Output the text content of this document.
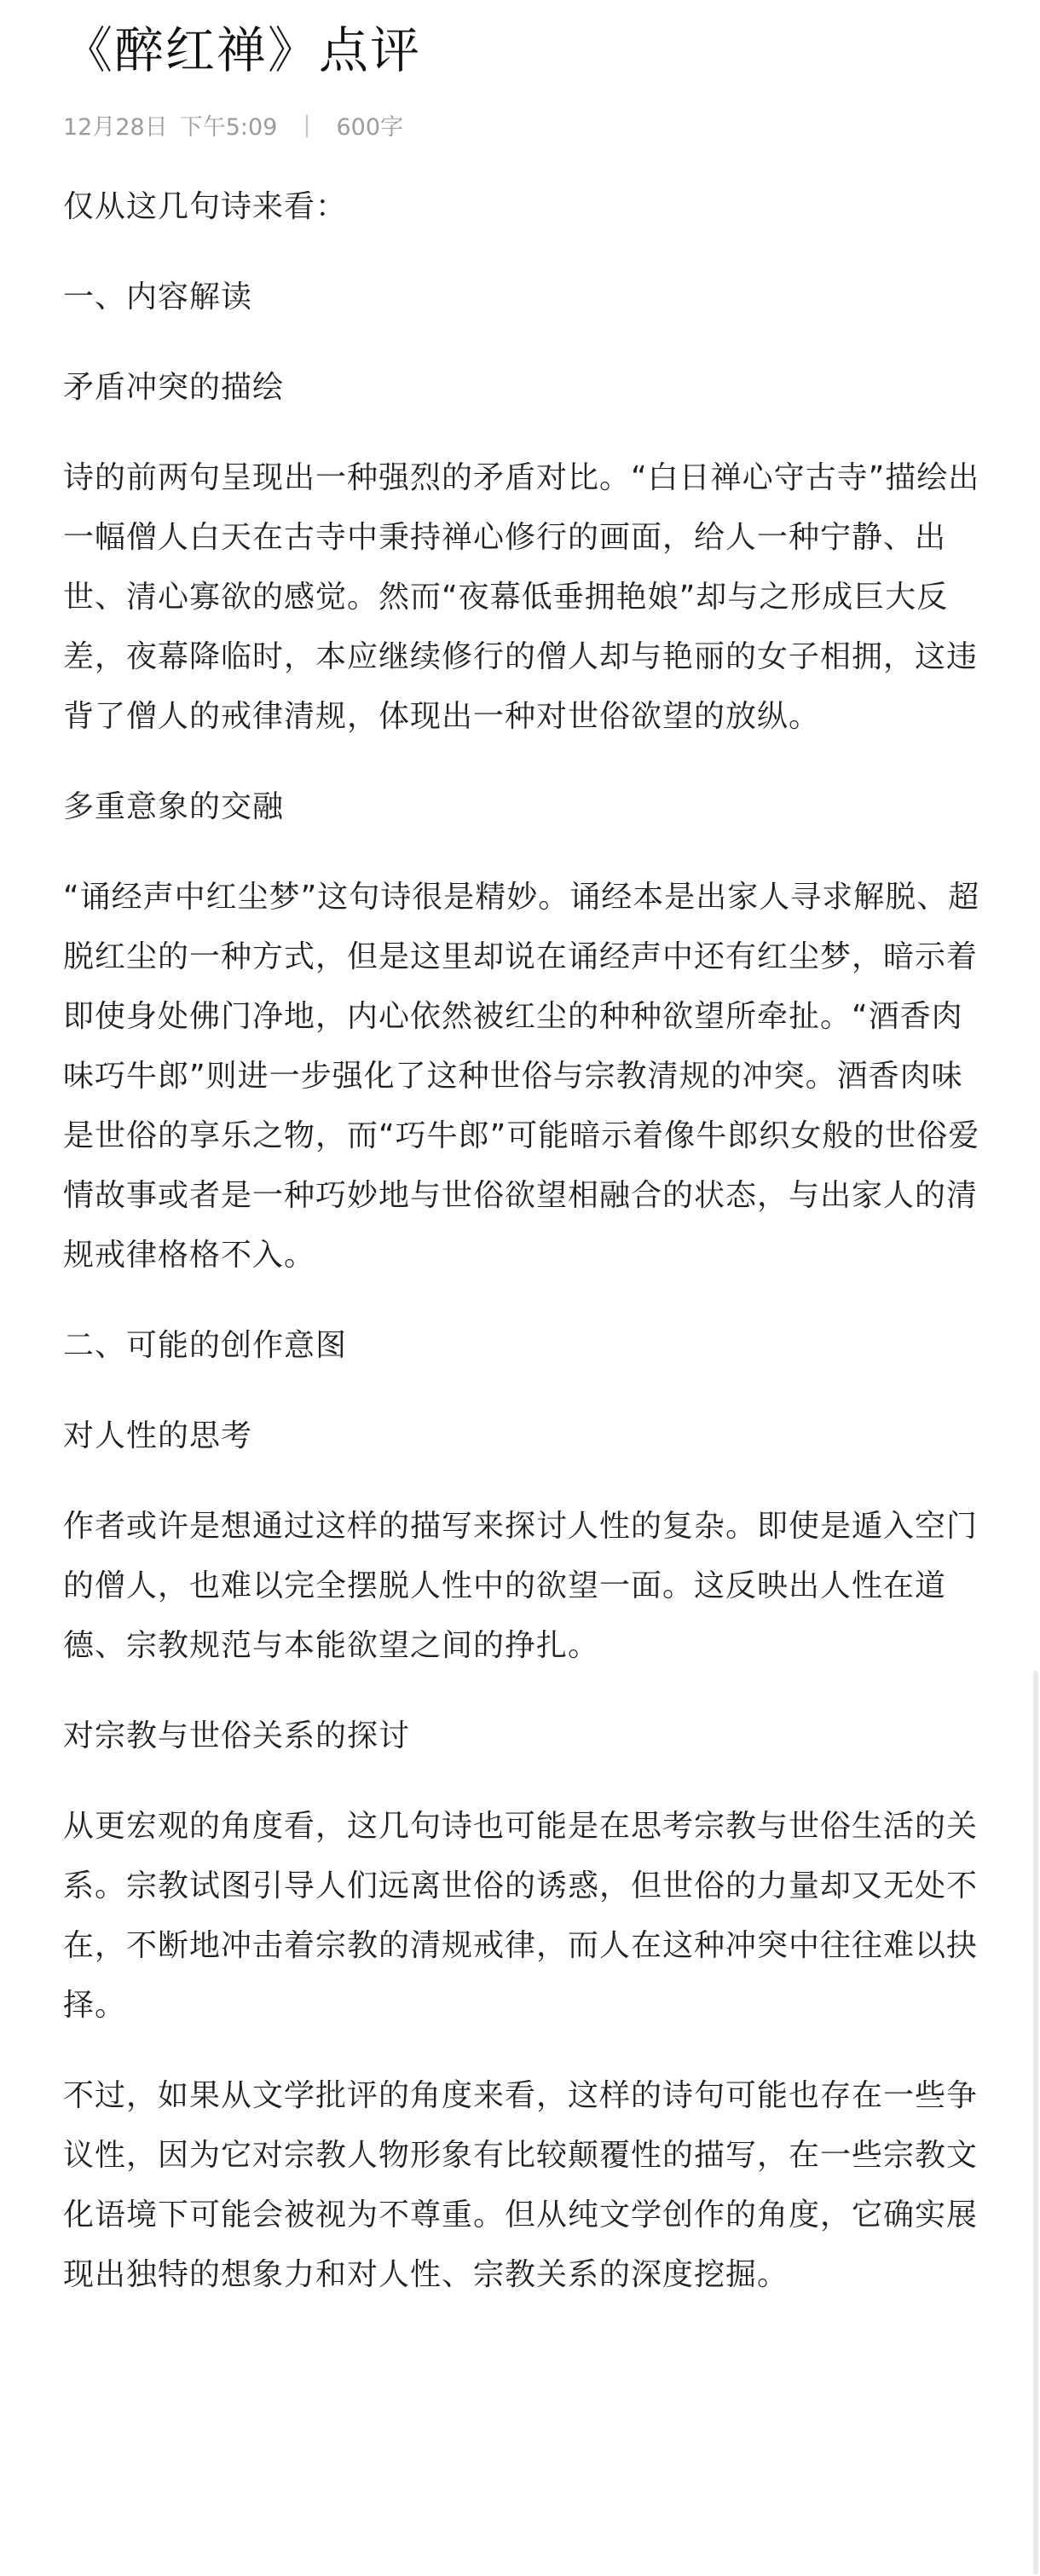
《醉红禅》点评
12月28日 下午5:09 | 600字

仅从这几句诗来看：

一、内容解读

矛盾冲突的描绘

诗的前两句呈现出一种强烈的矛盾对比。“白日禅心守古寺”描绘出一幅僧人白天在古寺中秉持禅心修行的画面，给人一种宁静、出世、清心寡欲的感觉。然而“夜幕低垂拥艳娘”却与之形成巨大反差，夜幕降临时，本应继续修行的僧人却与艳丽的女子相拥，这违背了僧人的戒律清规，体现出一种对世俗欲望的放纵。

多重意象的交融

“诵经声中红尘梦”这句诗很是精妙。诵经本是出家人寻求解脱、超脱红尘的一种方式，但是这里却说在诵经声中还有红尘梦，暗示着即使身处佛门净地，内心依然被红尘的种种欲望所牵扯。“酒香肉味巧牛郎”则进一步强化了这种世俗与宗教清规的冲突。酒香肉味是世俗的享乐之物，而“巧牛郎”可能暗示着像牛郎织女般的世俗爱情故事或者是一种巧妙地与世俗欲望相融合的状态，与出家人的清规戒律格格不入。

二、可能的创作意图

对人性的思考

作者或许是想通过这样的描写来探讨人性的复杂。即使是遁入空门的僧人，也难以完全摆脱人性中的欲望一面。这反映出人性在道德、宗教规范与本能欲望之间的挣扎。

对宗教与世俗关系的探讨

从更宏观的角度看，这几句诗也可能是在思考宗教与世俗生活的关系。宗教试图引导人们远离世俗的诱惑，但世俗的力量却又无处不在，不断地冲击着宗教的清规戒律，而人在这种冲突中往往难以抉择。

不过，如果从文学批评的角度来看，这样的诗句可能也存在一些争议性，因为它对宗教人物形象有比较颠覆性的描写，在一些宗教文化语境下可能会被视为不尊重。但从纯文学创作的角度，它确实展现出独特的想象力和对人性、宗教关系的深度挖掘。
